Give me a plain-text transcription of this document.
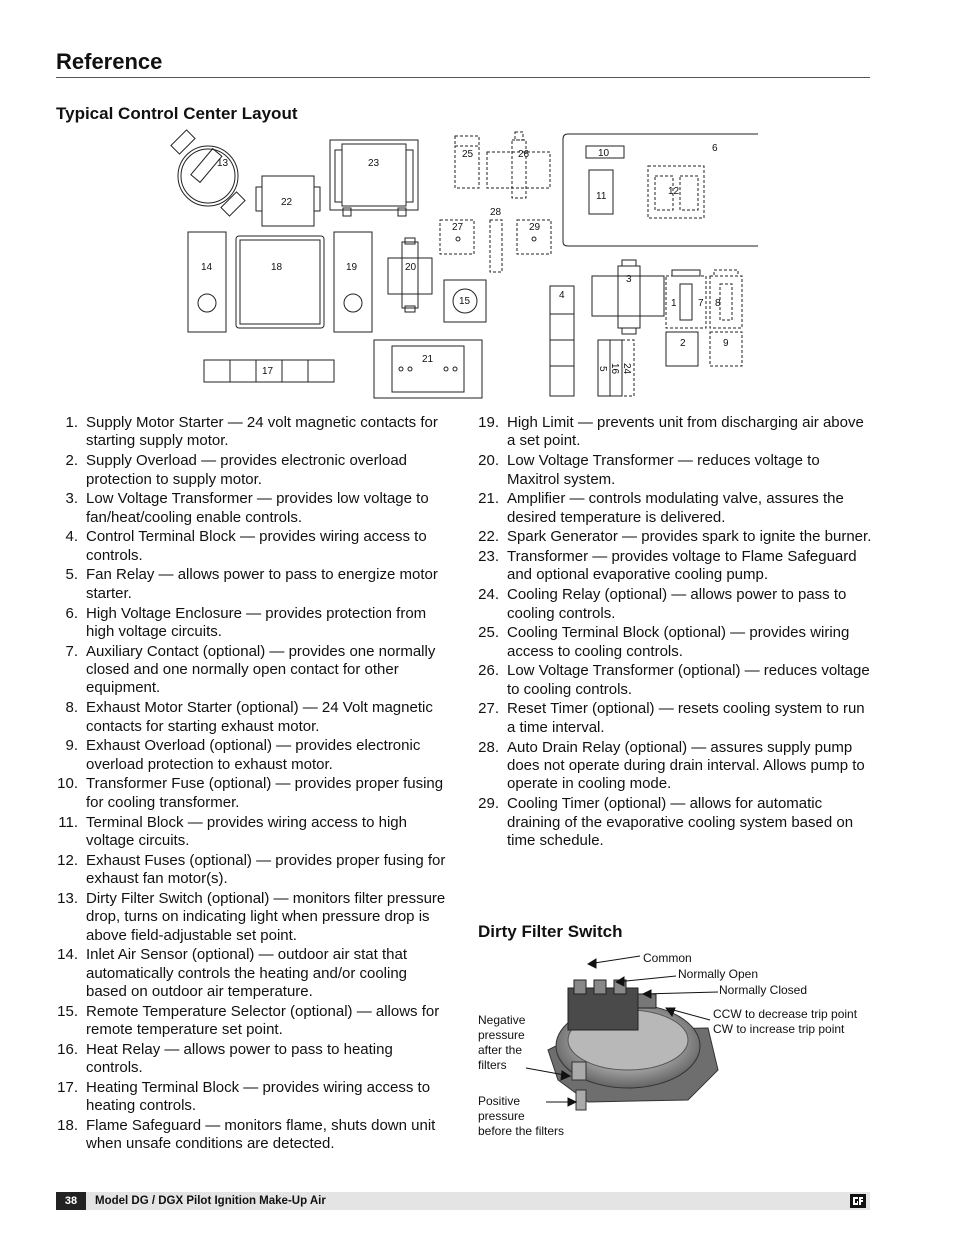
Reference
Typical Control Center Layout
13
22
23
25	26
28
27	29
10	6
11	12
14	18	19	20
15
4
3
1 7 8
2	9
17
21
5 16 24
1. Supply Motor Starter — 24 volt magnetic contacts for starting supply motor.
2. Supply Overload — provides electronic overload protection to supply motor.
3. Low Voltage Transformer — provides low voltage to fan/heat/cooling enable controls.
4. Control Terminal Block — provides wiring access to controls.
5. Fan Relay — allows power to pass to energize motor starter.
6. High Voltage Enclosure — provides protection from high voltage circuits.
7. Auxiliary Contact (optional) — provides one normally closed and one normally open contact for other equipment.
8. Exhaust Motor Starter (optional) — 24 Volt magnetic contacts for starting exhaust motor.
9. Exhaust Overload (optional) — provides electronic overload protection to exhaust motor.
10. Transformer Fuse (optional) — provides proper fusing for cooling transformer.
11. Terminal Block — provides wiring access to high voltage circuits.
12. Exhaust Fuses (optional) — provides proper fusing for exhaust fan motor(s).
13. Dirty Filter Switch (optional) — monitors filter pressure drop, turns on indicating light when pressure drop is above field-adjustable set point.
14. Inlet Air Sensor (optional) — outdoor air stat that automatically controls the heating and/or cooling based on outdoor air temperature.
15. Remote Temperature Selector (optional) — allows for remote temperature set point.
16. Heat Relay — allows power to pass to heating controls.
17. Heating Terminal Block — provides wiring access to heating controls.
18. Flame Safeguard — monitors flame, shuts down unit when unsafe conditions are detected.
19. High Limit — prevents unit from discharging air above a set point.
20. Low Voltage Transformer — reduces voltage to Maxitrol system.
21. Amplifier — controls modulating valve, assures the desired temperature is delivered.
22. Spark Generator — provides spark to ignite the burner.
23. Transformer — provides voltage to Flame Safeguard and optional evaporative cooling pump.
24. Cooling Relay (optional) — allows power to pass to cooling controls.
25. Cooling Terminal Block (optional) — provides wiring access to cooling controls.
26. Low Voltage Transformer (optional) — reduces voltage to cooling controls.
27. Reset Timer (optional) — resets cooling system to run a time interval.
28. Auto Drain Relay (optional) — assures supply pump does not operate during drain interval. Allows pump to operate in cooling mode.
29. Cooling Timer (optional) — allows for automatic draining of the evaporative cooling system based on time schedule.
Dirty Filter Switch
Common
Normally Open
Normally Closed
CCW to decrease trip point
CW to increase trip point
Negative
pressure
after the
filters
Positive
pressure
before the filters
38	Model DG / DGX Pilot Ignition Make-Up Air
